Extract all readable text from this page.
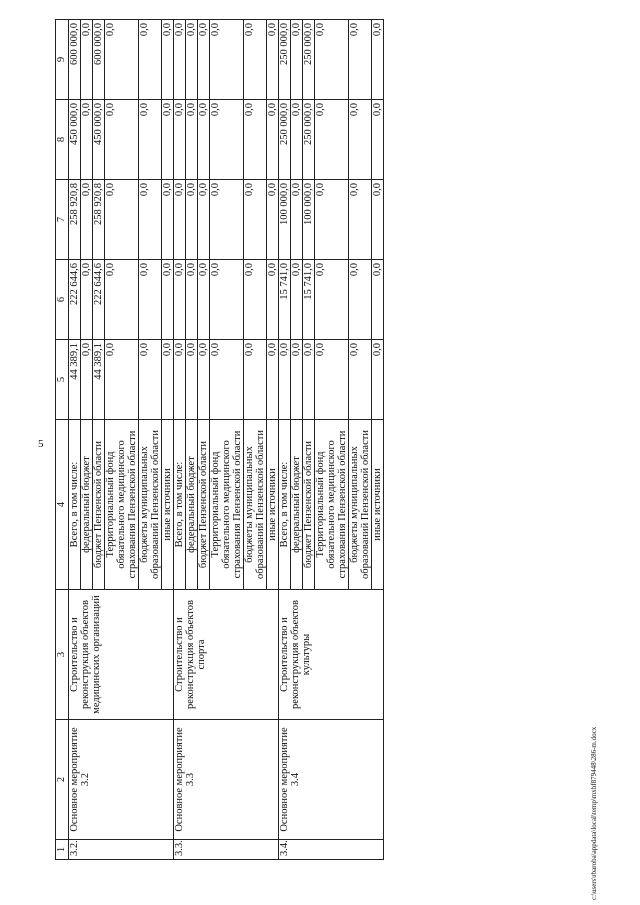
5
1	2	3	4	5	6	7	8	9
3.2.	Основное мероприятие 3.2	Строительство и реконструкция объектов медицинских организаций	Всего, в том числе:	44 389,1	222 644,6	258 920,8	450 000,0	600 000,0
			федеральный бюджет	0,0	0,0	0,0	0,0	0,0
			бюджет Пензенской области	44 389,1	222 644,6	258 920,8	450 000,0	600 000,0
			Территориальный фонд обязательного медицинского страхования Пензенской области	0,0	0,0	0,0	0,0	0,0
			бюджеты муниципальных образований Пензенской области	0,0	0,0	0,0	0,0	0,0
			иные источники	0,0	0,0	0,0	0,0	0,0
3.3.	Основное мероприятие 3.3	Строительство и реконструкция объектов спорта	Всего, в том числе:	0,0	0,0	0,0	0,0	0,0
			федеральный бюджет	0,0	0,0	0,0	0,0	0,0
			бюджет Пензенской области	0,0	0,0	0,0	0,0	0,0
			Территориальный фонд обязательного медицинского страхования Пензенской области	0,0	0,0	0,0	0,0	0,0
			бюджеты муниципальных образований Пензенской области	0,0	0,0	0,0	0,0	0,0
			иные источники	0,0	0,0	0,0	0,0	0,0
3.4.	Основное мероприятие 3.4	Строительство и реконструкция объектов культуры	Всего, в том числе:	0,0	15 741,0	100 000,0	250 000,0	250 000,0
			федеральный бюджет	0,0	0,0	0,0	0,0	0,0
			бюджет Пензенской области	0,0	15 741,0	100 000,0	250 000,0	250 000,0
			Территориальный фонд обязательного медицинского страхования Пензенской области	0,0	0,0	0,0	0,0	0,0
			бюджеты муниципальных образований Пензенской области	0,0	0,0	0,0	0,0	0,0
			иные источники	0,0	0,0	0,0	0,0	0,0
c:\users\rbaroba\appdata\local\temp\mxbf879448\286-m.docx
